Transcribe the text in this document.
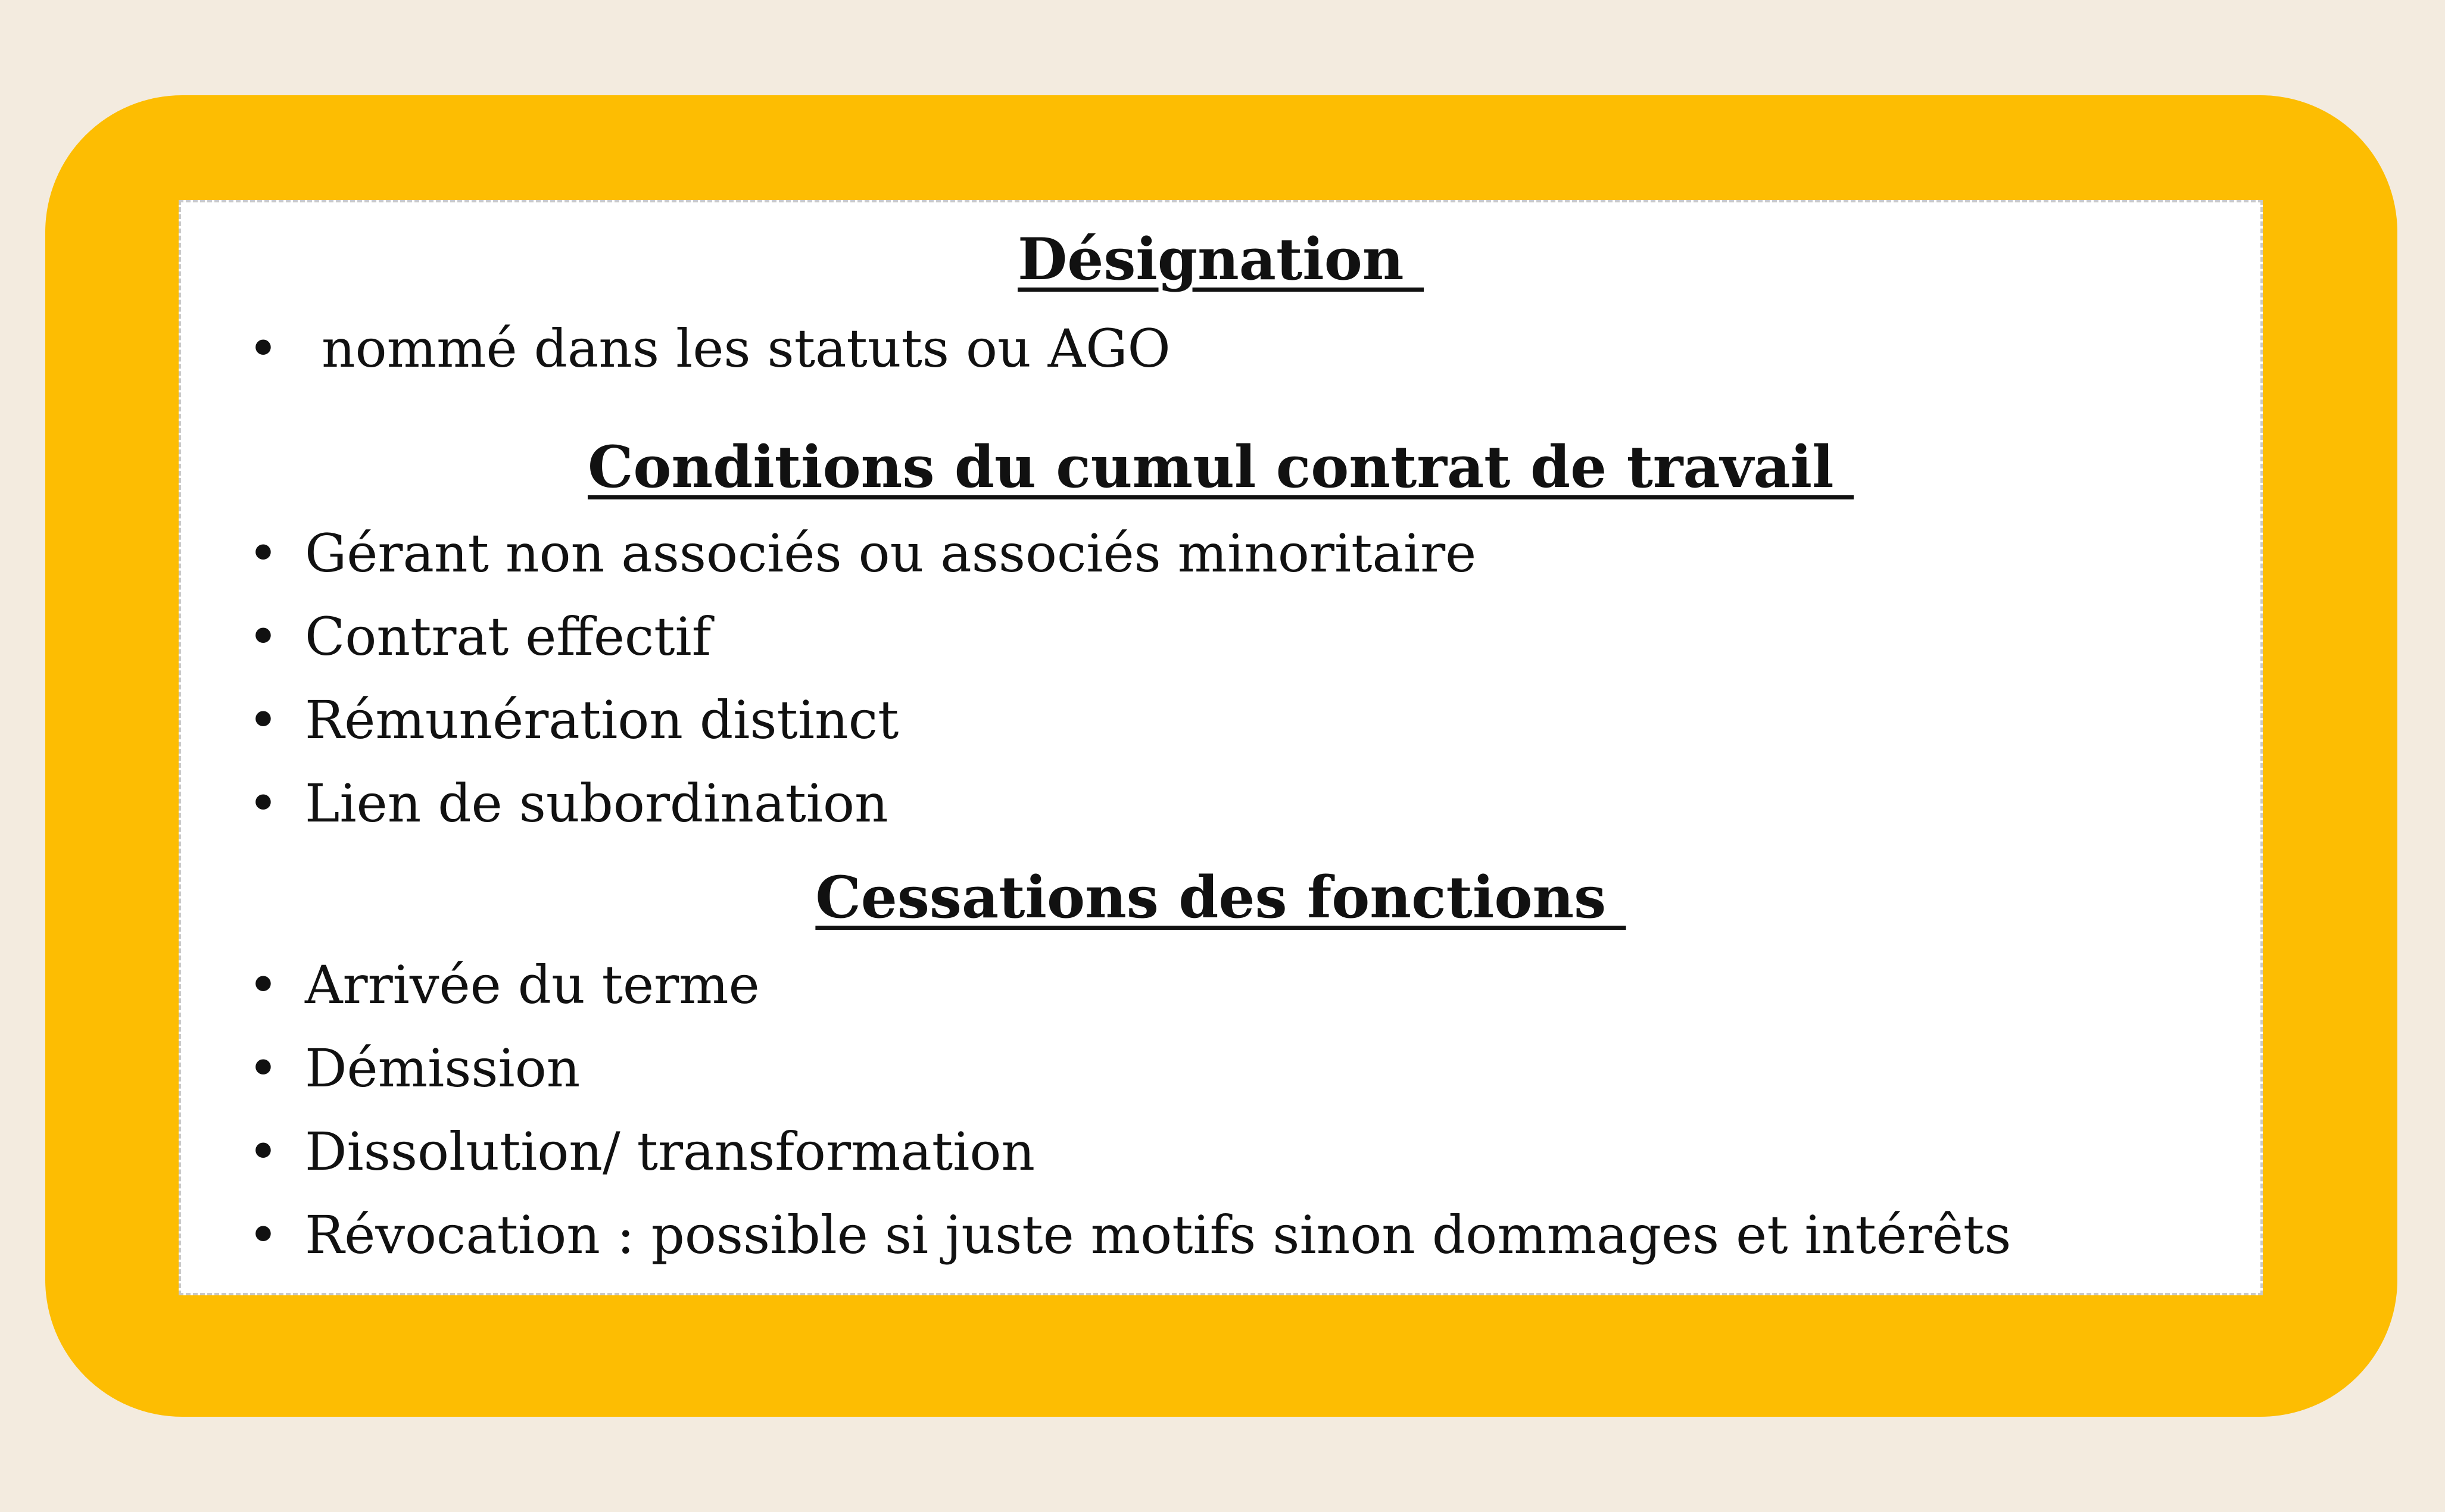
Désignation

•

nommé dans les statuts ou AGO

Conditions du cumul contrat de travail

•

Gérant non associés ou associés minoritaire

•

Contrat effectif

•

Rémunération distinct

•

Lien de subordination

Cessations des fonctions

•

Arrivée du terme

•

Démission

•

Dissolution/ transformation

•

Révocation : possible si juste motifs sinon dommages et intérêts
